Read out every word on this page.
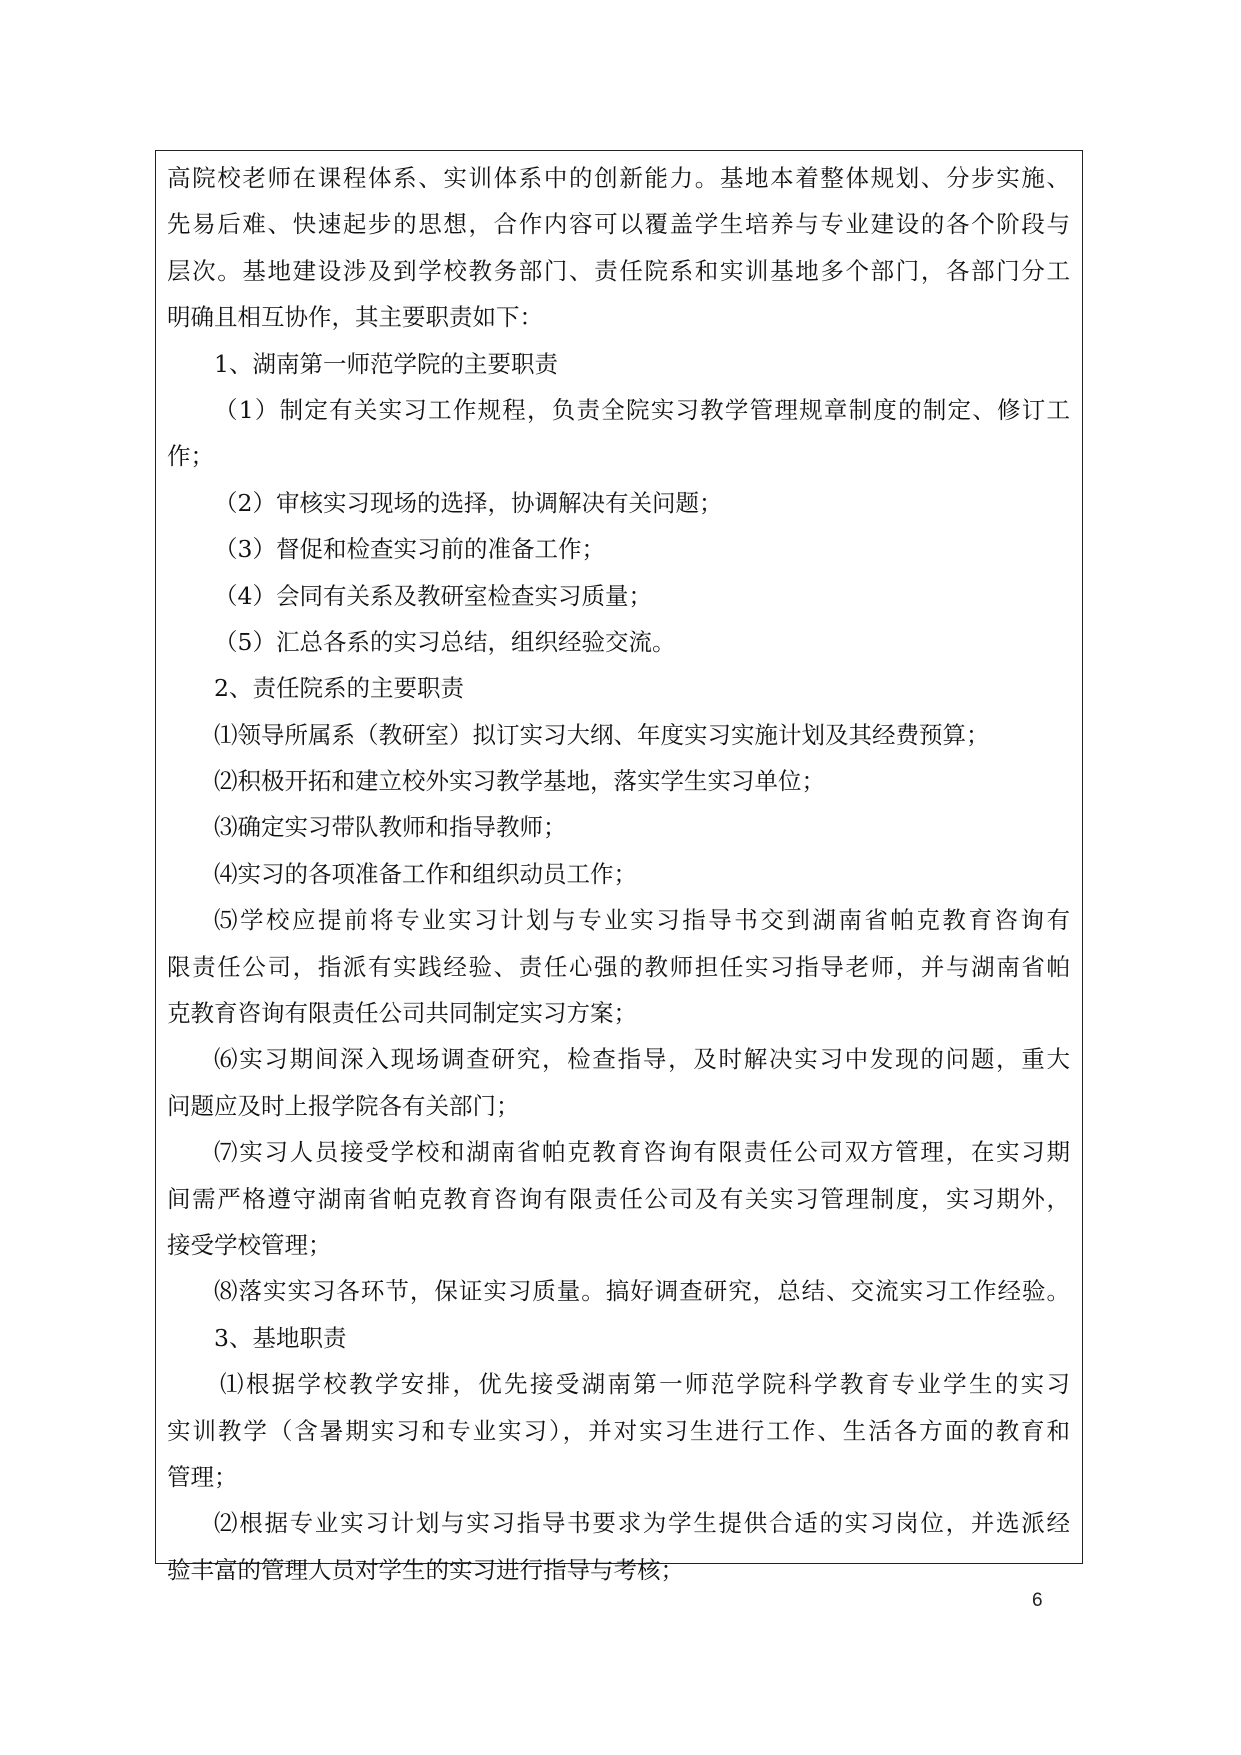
高院校老师在课程体系、实训体系中的创新能力。基地本着整体规划、分步实施、
先易后难、快速起步的思想，合作内容可以覆盖学生培养与专业建设的各个阶段与
层次。基地建设涉及到学校教务部门、责任院系和实训基地多个部门，各部门分工
明确且相互协作，其主要职责如下：
1、湖南第一师范学院的主要职责
（1）制定有关实习工作规程，负责全院实习教学管理规章制度的制定、修订工
作；
（2）审核实习现场的选择，协调解决有关问题；
（3）督促和检查实习前的准备工作；
（4）会同有关系及教研室检查实习质量；
（5）汇总各系的实习总结，组织经验交流。
2、责任院系的主要职责
⑴领导所属系（教研室）拟订实习大纲、年度实习实施计划及其经费预算；
⑵积极开拓和建立校外实习教学基地，落实学生实习单位；
⑶确定实习带队教师和指导教师；
⑷实习的各项准备工作和组织动员工作；
⑸学校应提前将专业实习计划与专业实习指导书交到湖南省帕克教育咨询有
限责任公司，指派有实践经验、责任心强的教师担任实习指导老师，并与湖南省帕
克教育咨询有限责任公司共同制定实习方案；
⑹实习期间深入现场调查研究，检查指导，及时解决实习中发现的问题，重大
问题应及时上报学院各有关部门；
⑺实习人员接受学校和湖南省帕克教育咨询有限责任公司双方管理，在实习期
间需严格遵守湖南省帕克教育咨询有限责任公司及有关实习管理制度，实习期外，
接受学校管理；
⑻落实实习各环节，保证实习质量。搞好调查研究，总结、交流实习工作经验。
3、基地职责
⑴根据学校教学安排，优先接受湖南第一师范学院科学教育专业学生的实习
实训教学（含暑期实习和专业实习），并对实习生进行工作、生活各方面的教育和
管理；
⑵根据专业实习计划与实习指导书要求为学生提供合适的实习岗位，并选派经
验丰富的管理人员对学生的实习进行指导与考核；
6
